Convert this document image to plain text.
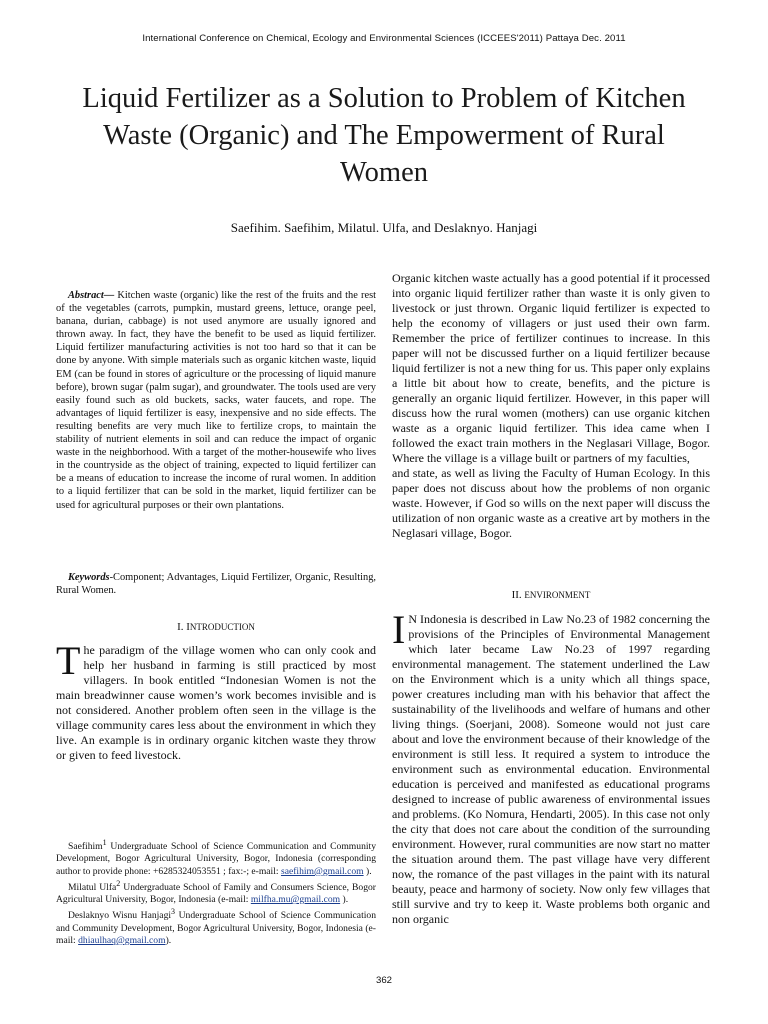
International Conference on Chemical, Ecology and Environmental Sciences (ICCEES'2011) Pattaya Dec. 2011
Liquid Fertilizer as a Solution to Problem of Kitchen Waste (Organic) and The Empowerment of Rural Women
Saefihim. Saefihim, Milatul. Ulfa, and Deslaknyo. Hanjagi
Abstract— Kitchen waste (organic) like the rest of the fruits and the rest of the vegetables (carrots, pumpkin, mustard greens, lettuce, orange peel, banana, durian, cabbage) is not used anymore are usually ignored and thrown away. In fact, they have the benefit to be used as liquid fertilizer. Liquid fertilizer manufacturing activities is not too hard so that it can be done by anyone. With simple materials such as organic kitchen waste, liquid EM (can be found in stores of agriculture or the processing of liquid manure before), brown sugar (palm sugar), and groundwater. The tools used are very easily found such as old buckets, sacks, water faucets, and rope. The advantages of liquid fertilizer is easy, inexpensive and no side effects. The resulting benefits are very much like to fertilize crops, to maintain the stability of nutrient elements in soil and can reduce the impact of organic waste in the neighborhood. With a target of the mother-housewife who lives in the countryside as the object of training, expected to liquid fertilizer can be a means of education to increase the income of rural women. In addition to a liquid fertilizer that can be sold in the market, liquid fertilizer can be used for agricultural purposes or their own plantations.
Keywords-Component; Advantages, Liquid Fertilizer, Organic, Resulting, Rural Women.
I. INTRODUCTION
The paradigm of the village women who can only cook and help her husband in farming is still practiced by most villagers. In book entitled “Indonesian Women is not the main breadwinner cause women’s work becomes invisible and is not considered. Another problem often seen in the village is the village community cares less about the environment in which they live. An example is in ordinary organic kitchen waste they throw or given to feed livestock.

Saefihim$^1$ Undergraduate School of Science Communication and Community Development, Bogor Agricultural University, Bogor, Indonesia (corresponding author to provide phone: +6285324053551 ; fax:-; e-mail: saefihim@gmail.com ).

Milatul Ulfa$^2$ Undergraduate School of Family and Consumers Science, Bogor Agricultural University, Bogor, Indonesia (e-mail: milfha.mu@gmail.com ).

Deslaknyo Wisnu Hanjagi$^3$ Undergraduate School of Science Communication and Community Development, Bogor Agricultural University, Bogor, Indonesia (e-mail: dhiaulhaq@gmail.com).

Organic kitchen waste actually has a good potential if it processed into organic liquid fertilizer rather than waste it is only given to livestock or just thrown. Organic liquid fertilizer is expected to help the economy of villagers or just used their own farm. Remember the price of fertilizer continues to increase. In this paper will not be discussed further on a liquid fertilizer because liquid fertilizer is not a new thing for us. This paper only explains a little bit about how to create, benefits, and the picture is generally an organic liquid fertilizer. However, in this paper will discuss how the rural women (mothers) can use organic kitchen waste as a organic liquid fertilizer. This idea came when I followed the exact train mothers in the Neglasari Village, Bogor. Where the village is a village built or partners of my faculties,
and state, as well as living the Faculty of Human Ecology. In this paper does not discuss about how the problems of non organic waste. However, if God so wills on the next paper will discuss the utilization of non organic waste as a creative art by mothers in the Neglasari village, Bogor.
II. ENVIRONMENT
I N Indonesia is described in Law No.23 of 1982 concerning the provisions of the Principles of Environmental Management which later became Law No.23 of 1997 regarding environmental management. The statement underlined the Law on the Environment which is a unity which all things space, power creatures including man with his behavior that affect the sustainability of the livelihoods and welfare of humans and other living things. (Soerjani, 2008). Someone would not just care about and love the environment because of their knowledge of the environment is still less. It required a system to introduce the environment such as environmental education. Environmental education is perceived and manifested as educational programs designed to increase of public awareness of environmental issues and problems. (Ko Nomura, Hendarti, 2005). In this case not only the city that does not care about the condition of the surrounding environment. However, rural communities are now start no matter the situation around them. The past village have very different now, the romance of the past villages in the paint with its natural beauty, peace and harmony of society. Now only few villages that still survive and try to keep it. Waste problems both organic and non organic
362
